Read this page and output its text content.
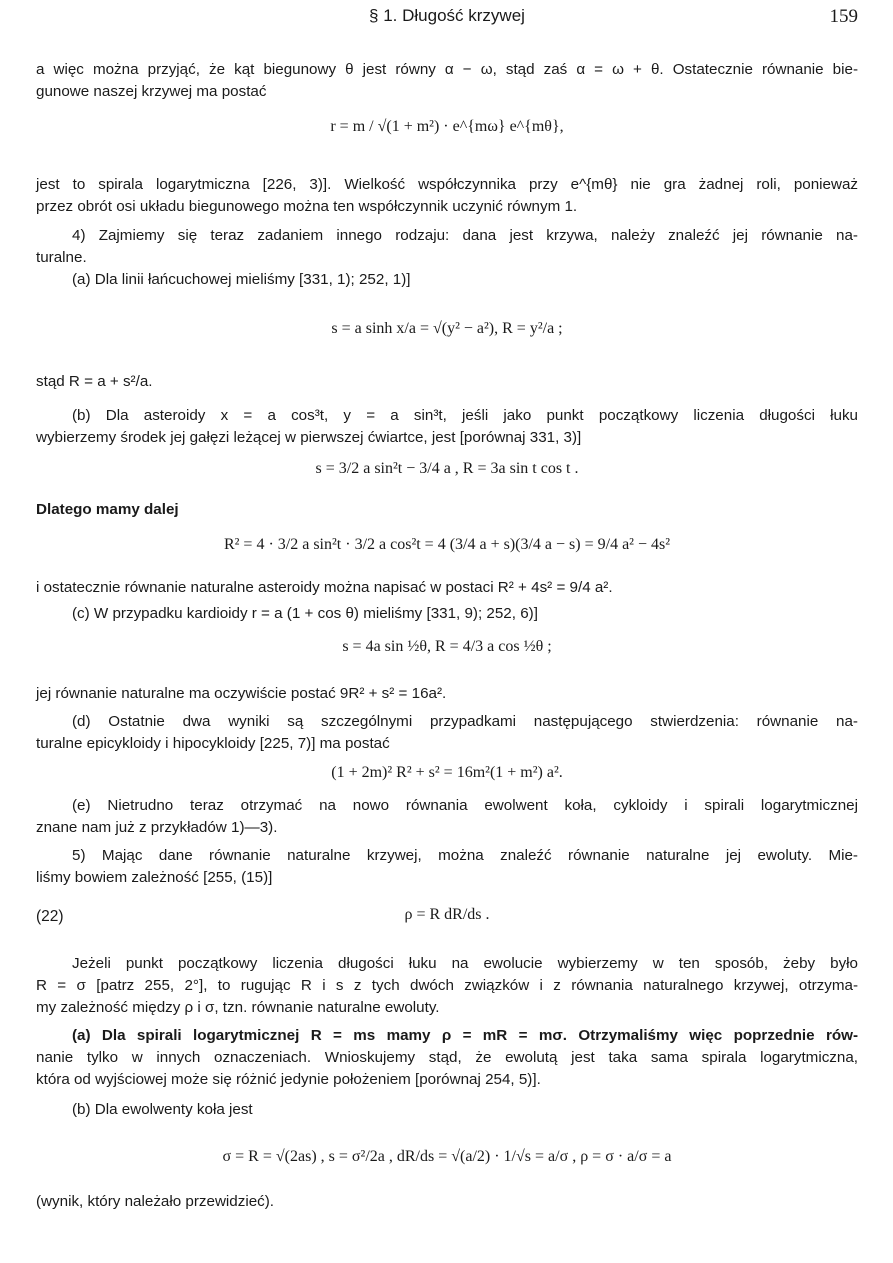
§ 1. Długość krzywej	159
a więc można przyjąć, że kąt biegunowy θ jest równy α − ω, stąd zaś α = ω + θ. Ostatecznie równanie bie-
gunowe naszej krzywej ma postać
r = m / √(1 + m²) · e^{mω} e^{mθ},
jest to spirala logarytmiczna [226, 3)]. Wielkość współczynnika przy e^{mθ} nie gra żadnej roli, ponieważ
przez obrót osi układu biegunowego można ten współczynnik uczynić równym 1.
4) Zajmiemy się teraz zadaniem innego rodzaju: dana jest krzywa, należy znaleźć jej równanie na-
turalne.
(a) Dla linii łańcuchowej mieliśmy [331, 1); 252, 1)]
s = a sinh x/a = √(y² − a²), R = y²/a ;
stąd R = a + s²/a.
(b) Dla asteroidy x = a cos³t, y = a sin³t, jeśli jako punkt początkowy liczenia długości łuku
wybierzemy środek jej gałęzi leżącej w pierwszej ćwiartce, jest [porównaj 331, 3)]
s = 3/2 a sin²t − 3/4 a , R = 3a sin t cos t .
Dlatego mamy dalej
R² = 4 · 3/2 a sin²t · 3/2 a cos²t = 4 (3/4 a + s)(3/4 a − s) = 9/4 a² − 4s²
i ostatecznie równanie naturalne asteroidy można napisać w postaci R² + 4s² = 9/4 a².
(c) W przypadku kardioidy r = a (1 + cos θ) mieliśmy [331, 9); 252, 6)]
s = 4a sin ½θ, R = 4/3 a cos ½θ ;
jej równanie naturalne ma oczywiście postać 9R² + s² = 16a².
(d) Ostatnie dwa wyniki są szczególnymi przypadkami następującego stwierdzenia: równanie na-
turalne epicykloidy i hipocykloidy [225, 7)] ma postać
(1 + 2m)² R² + s² = 16m²(1 + m²) a².
(e) Nietrudno teraz otrzymać na nowo równania ewolwent koła, cykloidy i spirali logarytmicznej
znane nam już z przykładów 1)—3).
5) Mając dane równanie naturalne krzywej, można znaleźć równanie naturalne jej ewoluty. Mie-
liśmy bowiem zależność [255, (15)]
(22)	ρ = R dR/ds .
Jeżeli punkt początkowy liczenia długości łuku na ewolucie wybierzemy w ten sposób, żeby było
R = σ [patrz 255, 2°], to rugując R i s z tych dwóch związków i z równania naturalnego krzywej, otrzyma-
my zależność między ρ i σ, tzn. równanie naturalne ewoluty.
(a) Dla spirali logarytmicznej R = ms mamy ρ = mR = mσ. Otrzymaliśmy więc poprzednie rów-
nanie tylko w innych oznaczeniach. Wnioskujemy stąd, że ewolutą jest taka sama spirala logarytmiczna,
która od wyjściowej może się różnić jedynie położeniem [porównaj 254, 5)].
(b) Dla ewolwenty koła jest
σ = R = √(2as) , s = σ²/2a , dR/ds = √(a/2) · 1/√s = a/σ , ρ = σ · a/σ = a
(wynik, który należało przewidzieć).
